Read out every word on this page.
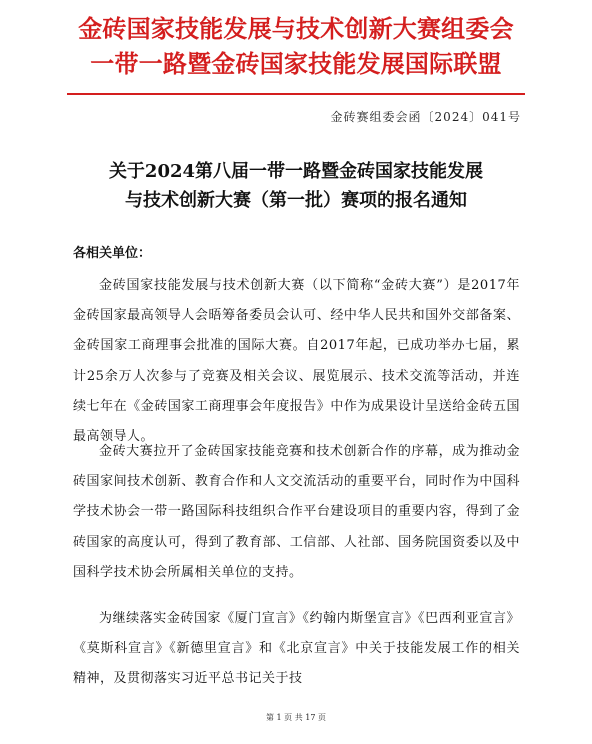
金砖国家技能发展与技术创新大赛组委会
一带一路暨金砖国家技能发展国际联盟
金砖赛组委会函〔2024〕041号
关于2024第八届一带一路暨金砖国家技能发展
与技术创新大赛（第一批）赛项的报名通知
各相关单位：

金砖国家技能发展与技术创新大赛（以下简称“金砖大赛”）是2017年金砖国家最高领导人会晤筹备委员会认可、经中华人民共和国外交部备案、金砖国家工商理事会批准的国际大赛。自2017年起，已成功举办七届，累计25余万人次参与了竞赛及相关会议、展览展示、技术交流等活动，并连续七年在《金砖国家工商理事会年度报告》中作为成果设计呈送给金砖五国最高领导人。

金砖大赛拉开了金砖国家技能竞赛和技术创新合作的序幕，成为推动金砖国家间技术创新、教育合作和人文交流活动的重要平台，同时作为中国科学技术协会一带一路国际科技组织合作平台建设项目的重要内容，得到了金砖国家的高度认可，得到了教育部、工信部、人社部、国务院国资委以及中国科学技术协会所属相关单位的支持。

为继续落实金砖国家《厦门宣言》《约翰内斯堡宣言》《巴西利亚宣言》《莫斯科宣言》《新德里宣言》和《北京宣言》中关于技能发展工作的相关精神，及贯彻落实习近平总书记关于技

第 1 页 共 17 页
